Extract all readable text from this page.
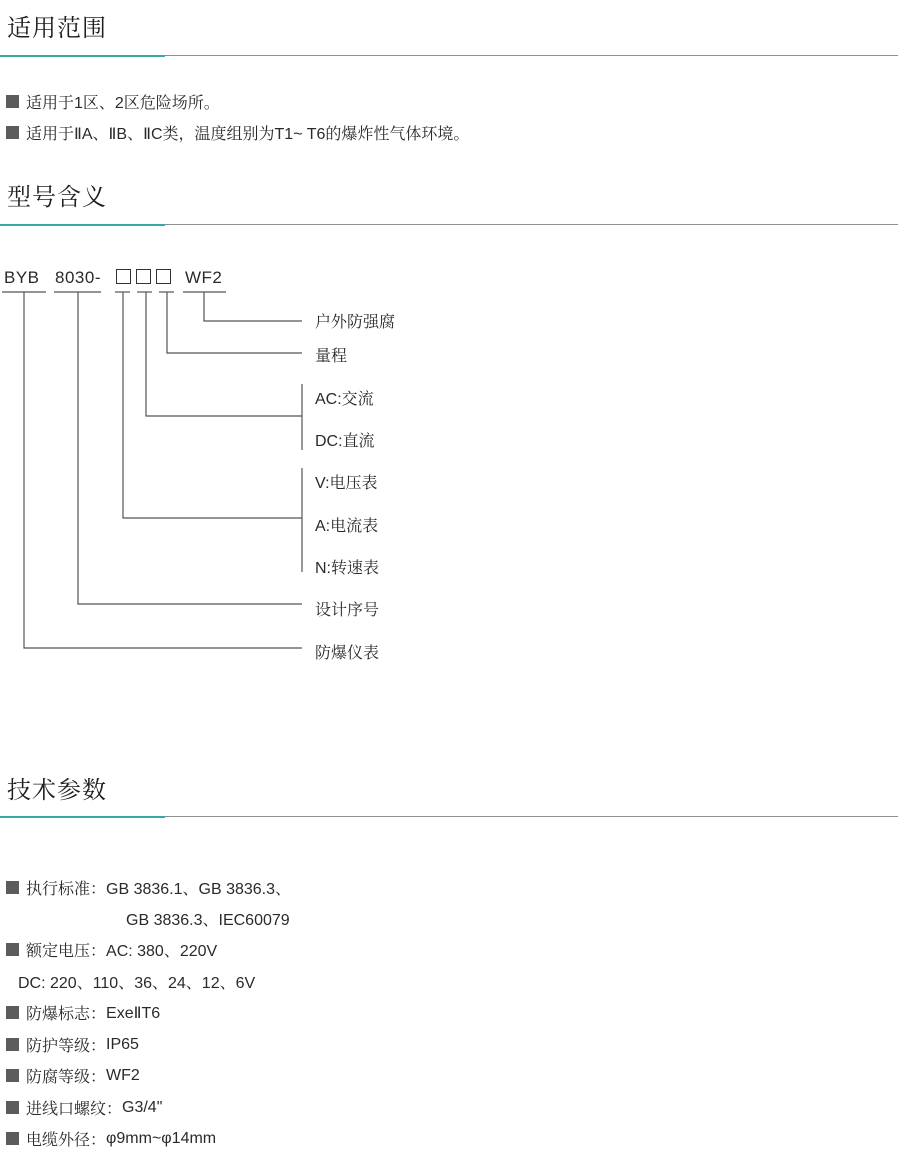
适用范围
适用于1区、2区危险场所。
适用于ⅡA、ⅡB、ⅡC类，温度组别为T1~ T6的爆炸性气体环境。
型号含义
BYB 8030-	WF2
户外防强腐
量程
AC:交流
DC:直流
V:电压表
A:电流表
N:转速表
设计序号
防爆仪表
技术参数
执行标准： GB 3836.1、GB 3836.3、
GB 3836.3、IEC60079
额定电压： AC: 380、220V
DC: 220、110、36、24、12、6V
防爆标志： ExeⅡT6
防护等级： IP65
防腐等级： WF2
进线口螺纹： G3/4"
电缆外径： φ9mm~φ14mm
